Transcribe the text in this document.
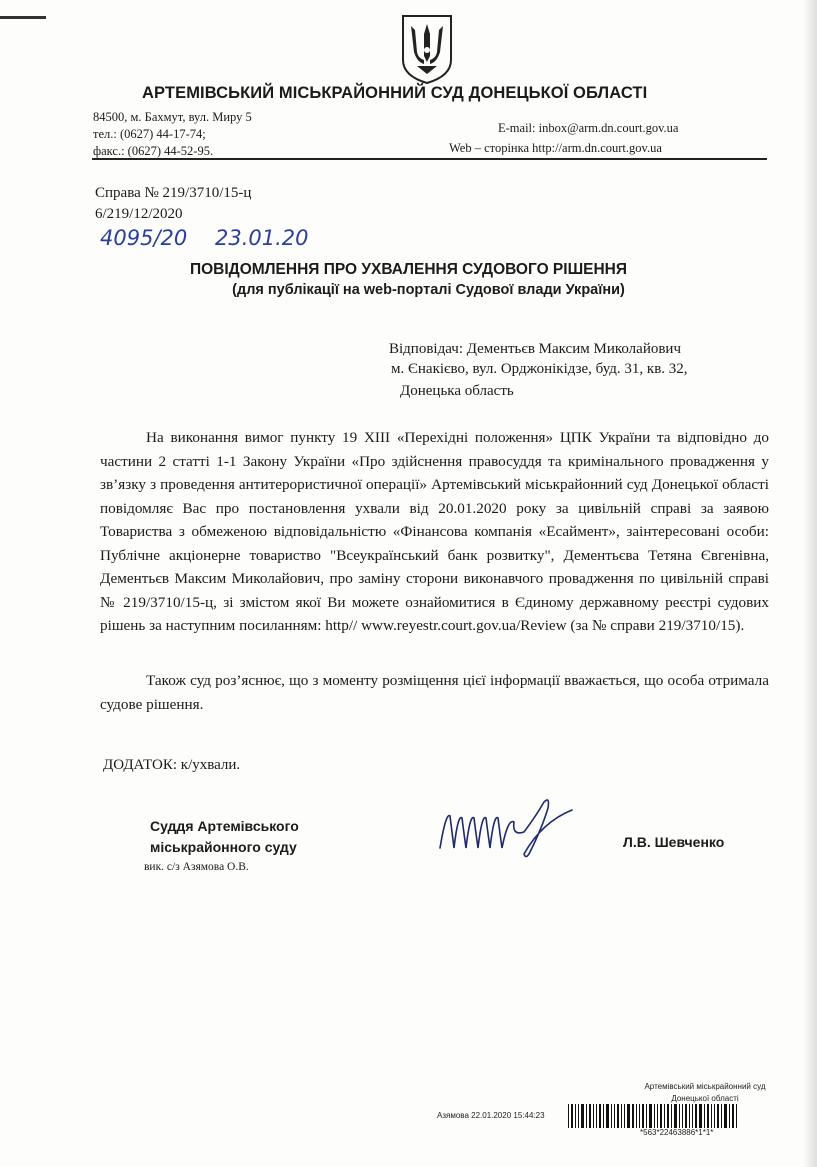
АРТЕМІВСЬКИЙ МІСЬКРАЙОННИЙ СУД ДОНЕЦЬКОЇ ОБЛАСТІ
84500, м. Бахмут, вул. Миру 5
тел.: (0627) 44-17-74;
факс.: (0627) 44-52-95.
E-mail: inbox@arm.dn.court.gov.ua
Web – сторінка http://arm.dn.court.gov.ua
Справа № 219/3710/15-ц
6/219/12/2020
4095/20 23.01.20
ПОВІДОМЛЕННЯ ПРО УХВАЛЕННЯ СУДОВОГО РІШЕННЯ
(для публікації на web-порталі Судової влади України)
Відповідач: Дементьєв Максим Миколайович
м. Єнакієво, вул. Орджонікідзе, буд. 31, кв. 32,
Донецька область

На виконання вимог пункту 19 XIII «Перехідні положення» ЦПК України та відповідно до частини 2 статті 1-1 Закону України «Про здійснення правосуддя та кримінального провадження у зв’язку з проведення антитерористичної операції» Артемівський міськрайонний суд Донецької області повідомляє Вас про постановлення ухвали від 20.01.2020 року за цивільній справі за заявою Товариства з обмеженою відповідальністю «Фінансова компанія «Есаймент», заінтересовані особи: Публічне акціонерне товариство "Всеукраїнський банк розвитку", Дементьєва Тетяна Євгенівна, Дементьєв Максим Миколайович, про заміну сторони виконавчого провадження по цивільній справі № 219/3710/15-ц, зі змістом якої Ви можете ознайомитися в Єдиному державному реєстрі судових рішень за наступним посиланням: http// www.reyestr.court.gov.ua/Review (за № справи 219/3710/15).

Також суд роз’яснює, що з моменту розміщення цієї інформації вважається, що особа отримала судове рішення.

ДОДАТОК: к/ухвали.
Суддя Артемівського
міськрайонного суду
вик. с/з Азямова О.В.
Л.В. Шевченко
Артемівський міськрайонний суд
Донецької області
Азямова 22.01.2020 15:44:23
*563*22463886*1*1*
